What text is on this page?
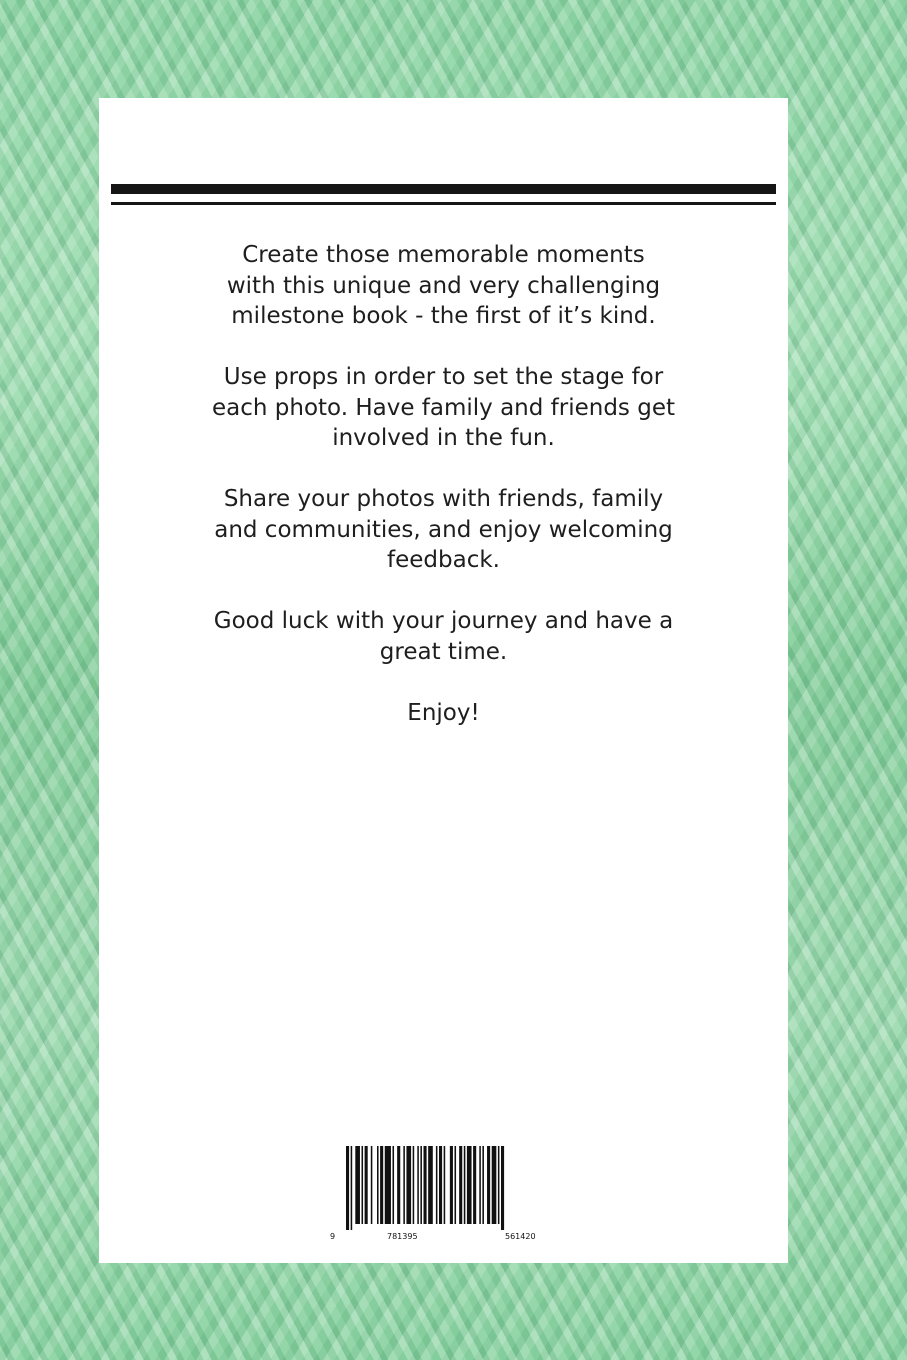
Create those memorable moments
with this unique and very challenging
milestone book - the first of it’s kind.

Use props in order to set the stage for
each photo. Have family and friends get
involved in the fun.

Share your photos with friends, family
and communities, and enjoy welcoming
feedback.

Good luck with your journey and have a
great time.

Enjoy!

9	781395	561420
